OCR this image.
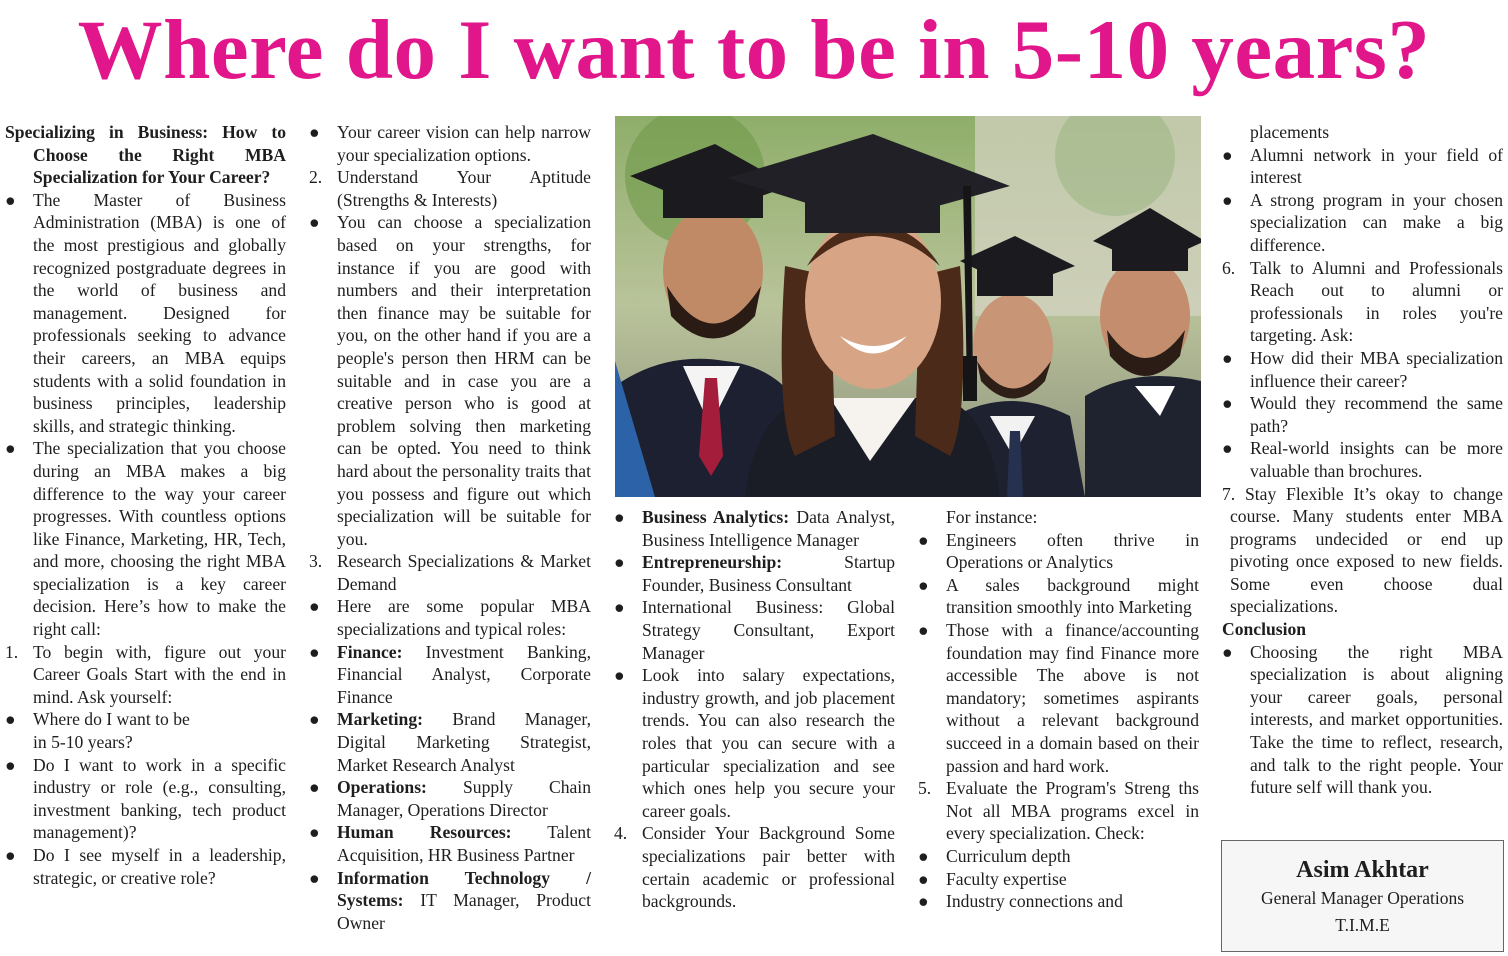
Where do I want to be in 5-10 years?

Specializing in Business: How to Choose the Right MBA Specialization for Your Career?

● The Master of Business Administration (MBA) is one of the most prestigious and globally recognized postgraduate degrees in the world of business and management. Designed for professionals seeking to advance their careers, an MBA equips students with a solid foundation in business principles, leadership skills, and strategic thinking.

● The specialization that you choose during an MBA makes a big difference to the way your career progresses. With countless options like Finance, Marketing, HR, Tech, and more, choosing the right MBA specialization is a key career decision. Here’s how to make the right call:

1. To begin with, figure out your Career Goals Start with the end in mind. Ask yourself:

● Where do I want to be
in 5-10 years?

● Do I want to work in a specific industry or role (e.g., consulting, investment banking, tech product management)?

● Do I see myself in a leadership, strategic, or creative role?

● Your career vision can help narrow your specialization options.

2. Understand Your Aptitude (Strengths & Interests)

● You can choose a specialization based on your strengths, for instance if you are good with numbers and their interpretation then finance may be suitable for you, on the other hand if you are a people's person then HRM can be suitable and in case you are a creative person who is good at problem solving then marketing can be opted. You need to think hard about the personality traits that you possess and figure out which specialization will be suitable for you.

3. Research Specializations & Market Demand

● Here are some popular MBA specializations and typical roles:

● Finance: Investment Banking, Financial Analyst, Corporate Finance

● Marketing: Brand Manager, Digital Marketing Strategist, Market Research Analyst

● Operations: Supply Chain Manager, Operations Director

● Human Resources: Talent Acquisition, HR Business Partner

● Information Technology / Systems: IT Manager, Product Owner

● Business Analytics: Data Analyst, Business Intelligence Manager

● Entrepreneurship:	Startup Founder, Business Consultant

● International Business: Global Strategy Consultant, Export Manager

● Look into salary expectations, industry growth, and job placement trends. You can also research the roles that you can secure with a particular specialization and see which ones help you secure your career goals.

4. Consider Your Background Some specializations pair better with certain academic or professional backgrounds.

For instance:

● Engineers often thrive in Operations or Analytics

● A sales background might transition smoothly into Marketing

● Those with a finance/accounting foundation may find Finance more accessible The above is not mandatory; sometimes aspirants without a relevant background succeed in a domain based on their passion and hard work.

5. Evaluate the Program's Streng ths Not all MBA programs excel in every specialization. Check:

● Curriculum depth

● Faculty expertise

● Industry connections and

placements

● Alumni network in your field of interest

● A strong program in your chosen specialization can make a big difference.

6. Talk to Alumni and Professionals Reach out to alumni or professionals in roles you're targeting. Ask:

● How did their MBA specialization influence their career?

● Would they recommend the same path?

● Real-world insights can be more valuable than brochures.

7. Stay Flexible It’s okay to change course. Many students enter MBA programs undecided or end up pivoting once exposed to new fields. Some even choose dual specializations.

Conclusion

● Choosing the right MBA specialization is about aligning your career goals, personal interests, and market opportunities. Take the time to reflect, research, and talk to the right people. Your future self will thank you.

Asim Akhtar
General Manager Operations
T.I.M.E
